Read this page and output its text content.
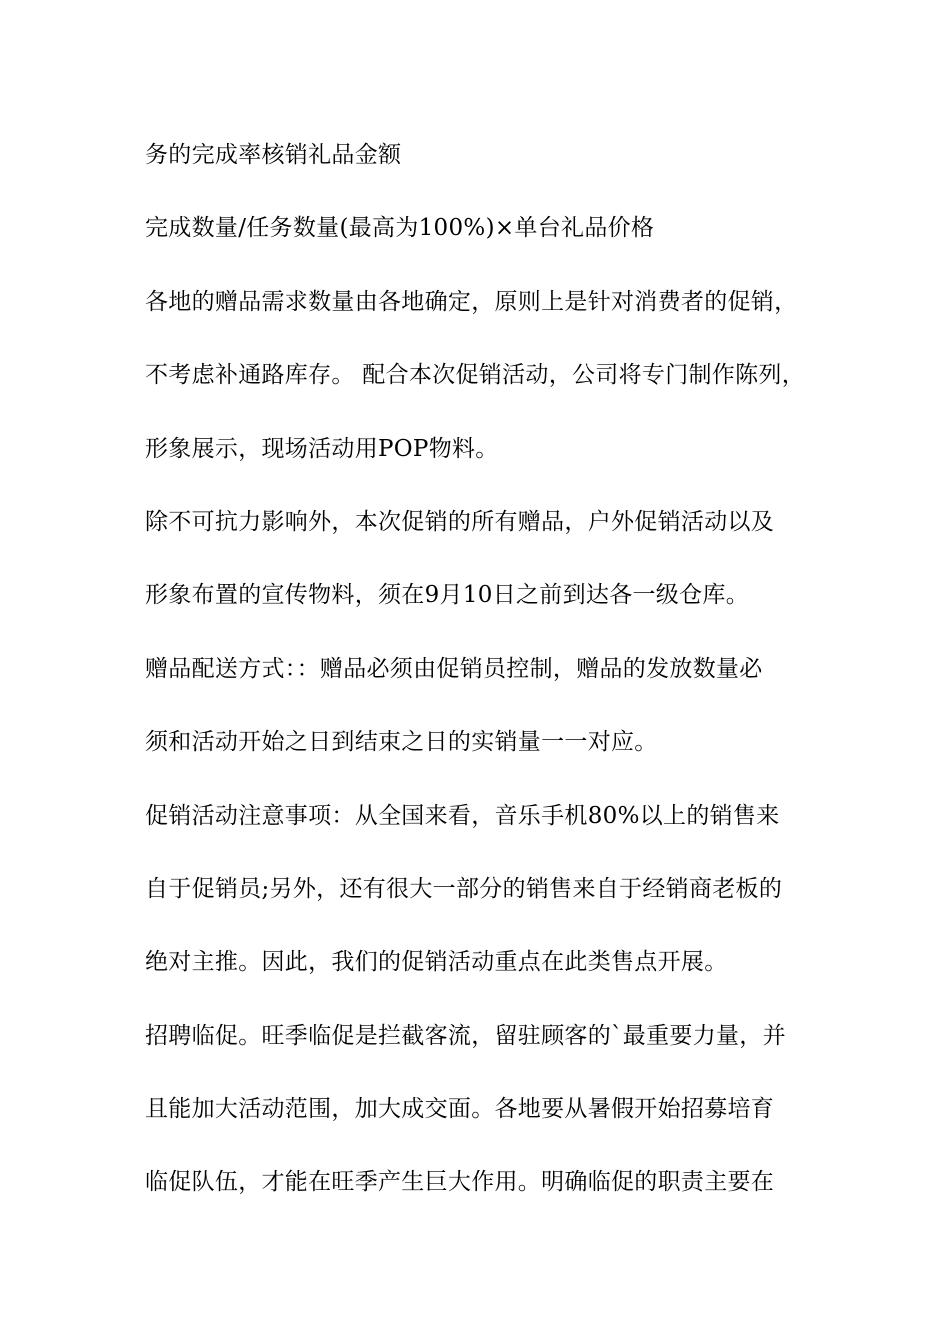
务的完成率核销礼品金额
完成数量/任务数量(最高为100%)×单台礼品价格
各地的赠品需求数量由各地确定，原则上是针对消费者的促销，
不考虑补通路库存。 配合本次促销活动，公司将专门制作陈列，
形象展示，现场活动用POP物料。
除不可抗力影响外，本次促销的所有赠品，户外促销活动以及
形象布置的宣传物料，须在9月10日之前到达各一级仓库。
赠品配送方式：：赠品必须由促销员控制，赠品的发放数量必
须和活动开始之日到结束之日的实销量一一对应。
促销活动注意事项：从全国来看，音乐手机80%以上的销售来
自于促销员;另外，还有很大一部分的销售来自于经销商老板的
绝对主推。因此，我们的促销活动重点在此类售点开展。
招聘临促。旺季临促是拦截客流，留驻顾客的`最重要力量，并
且能加大活动范围，加大成交面。各地要从暑假开始招募培育
临促队伍，才能在旺季产生巨大作用。明确临促的职责主要在
